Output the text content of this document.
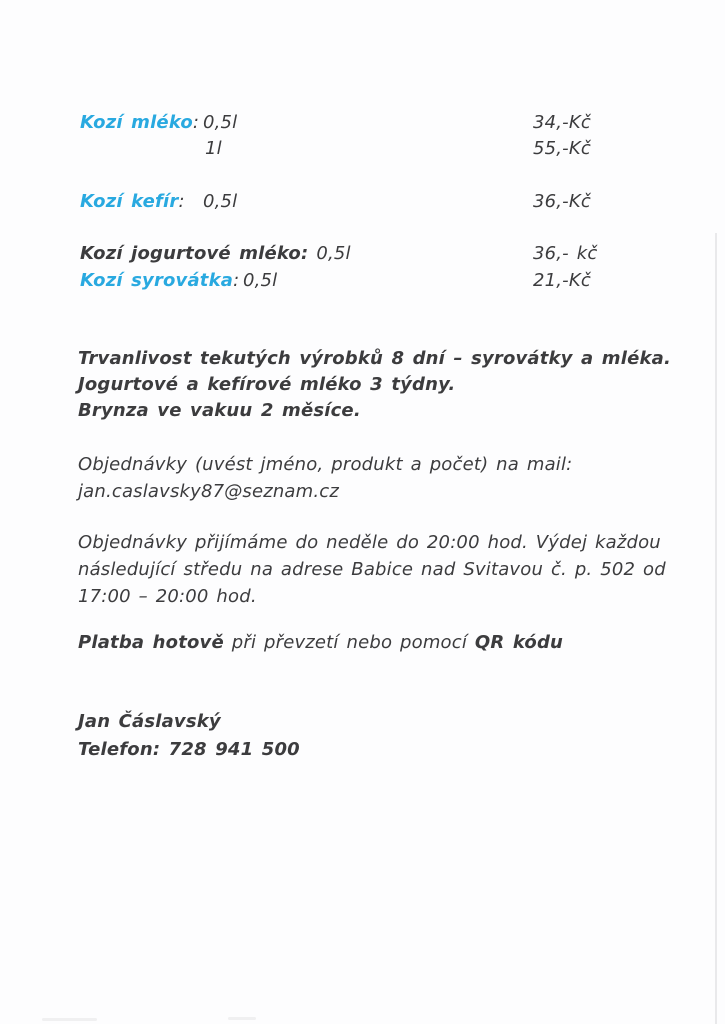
Kozí mléko: 0,5l	34,-Kč
1l	55,-Kč
Kozí kefír: 0,5l	36,-Kč
Kozí jogurtové mléko: 0,5l	36,- kč
Kozí syrovátka: 0,5l	21,-Kč
Trvanlivost tekutých výrobků 8 dní – syrovátky a mléka.
Jogurtové a kefírové mléko 3 týdny.
Brynza ve vakuu 2 měsíce.
Objednávky (uvést jméno, produkt a počet) na mail:
jan.caslavsky87@seznam.cz
Objednávky přijímáme do neděle do 20:00 hod. Výdej každou
následující středu na adrese Babice nad Svitavou č. p. 502 od
17:00 – 20:00 hod.
Platba hotově při převzetí nebo pomocí QR kódu
Jan Čáslavský
Telefon: 728 941 500
